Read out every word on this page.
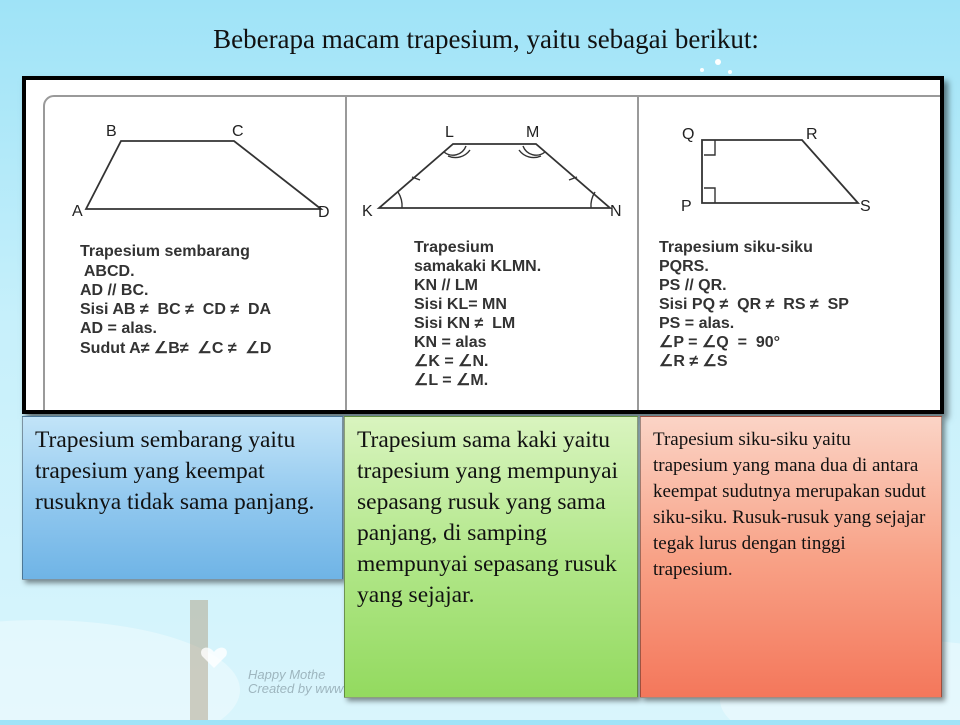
Beberapa macam trapesium, yaitu sebagai berikut:
A
B	C
D
Trapesium sembarang
ABCD.
AD // BC.
Sisi AB ≠  BC ≠  CD ≠  DA
AD = alas.
Sudut A≠ ∠B≠  ∠C ≠  ∠D
K
L	M
N
Trapesium
samakaki KLMN.
KN // LM
Sisi KL= MN
Sisi KN ≠  LM
KN = alas
∠K = ∠N.
∠L = ∠M.
Q	R
P	S
Trapesium siku-siku
PQRS.
PS // QR.
Sisi PQ ≠  QR ≠  RS ≠  SP
PS = alas.
∠P = ∠Q  =  90°
∠R ≠ ∠S

Trapesium sembarang yaitu trapesium yang keempat rusuknya tidak sama panjang.

Trapesium sama kaki yaitu trapesium yang mempunyai sepasang rusuk yang sama panjang, di samping mempunyai sepasang rusuk yang sejajar.

Trapesium siku-siku yaitu trapesium yang mana dua di antara keempat sudutnya merupakan sudut siku-siku. Rusuk-rusuk yang sejajar tegak lurus dengan tinggi trapesium.

Happy Mothe
Created by www
